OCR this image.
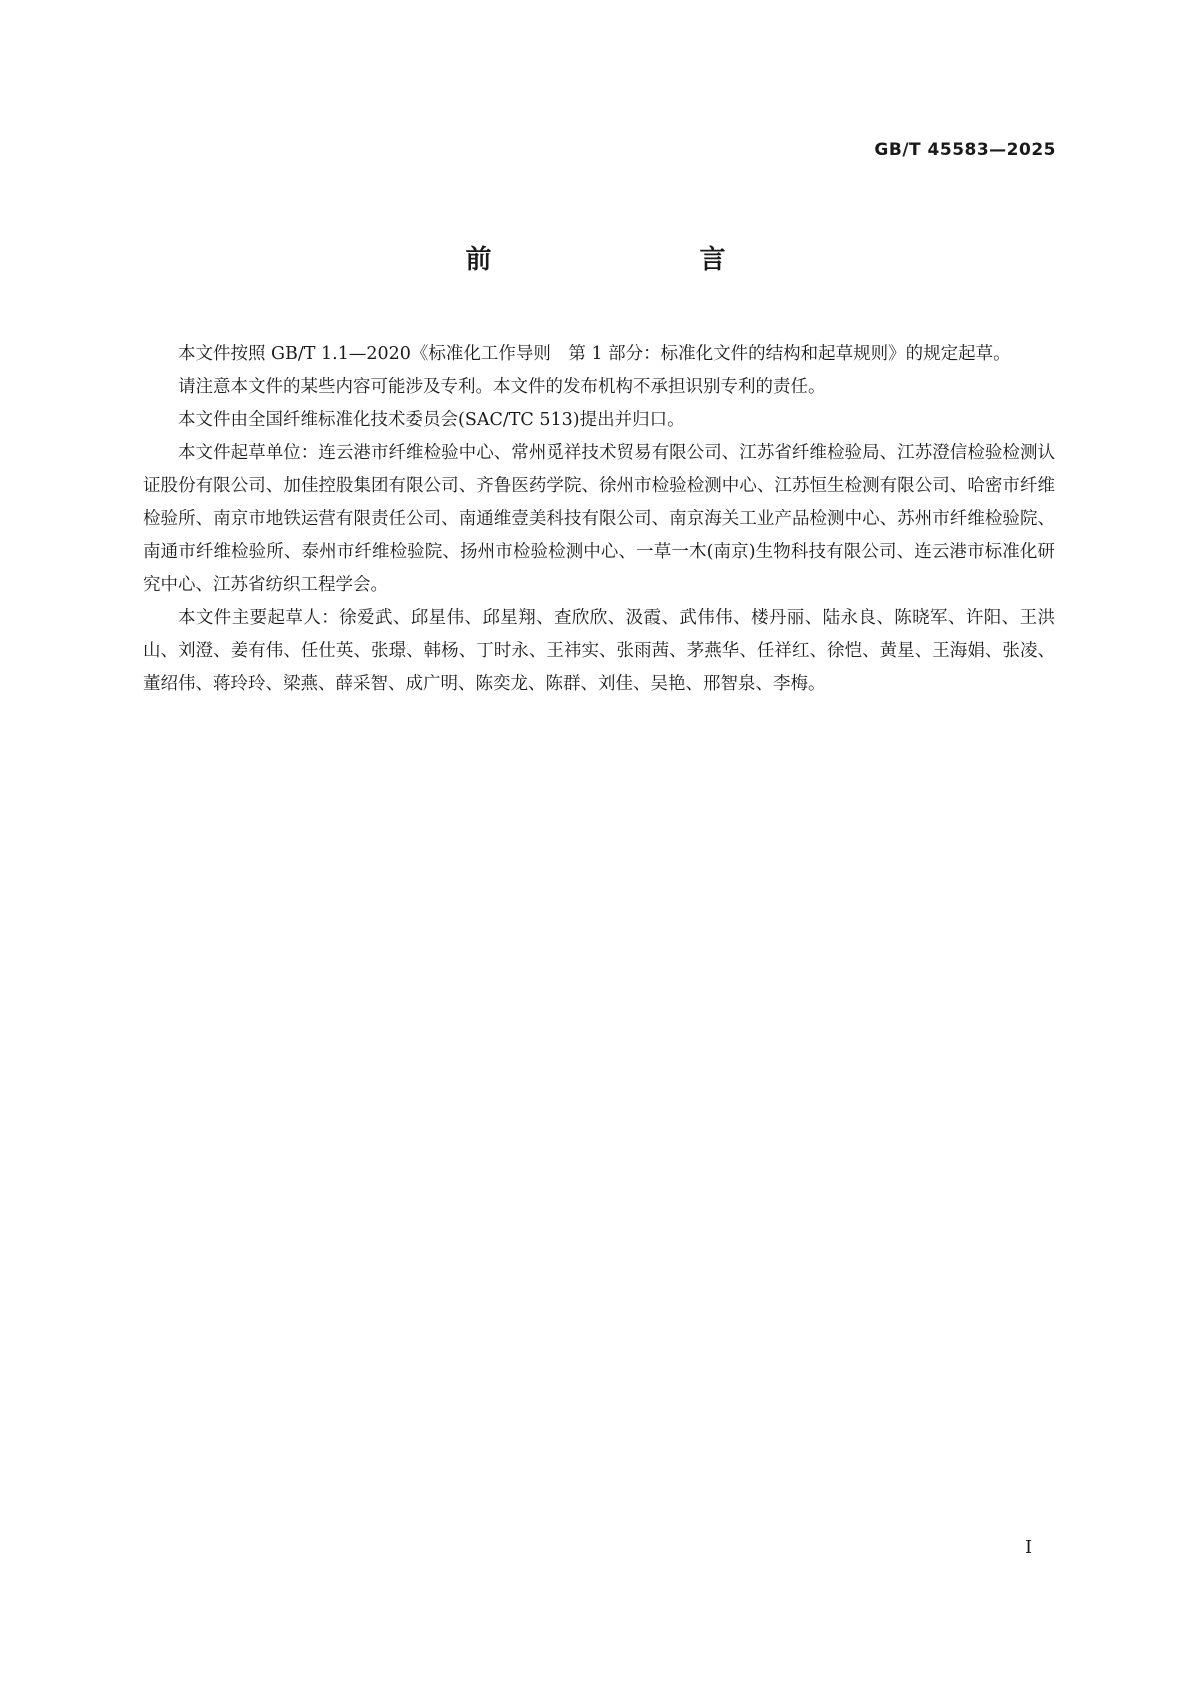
GB/T 45583—2025
前　　言

本文件按照 GB/T 1.1—2020《标准化工作导则　第 1 部分：标准化文件的结构和起草规则》的规定起草。

请注意本文件的某些内容可能涉及专利。本文件的发布机构不承担识别专利的责任。

本文件由全国纤维标准化技术委员会(SAC/TC 513)提出并归口。

本文件起草单位：连云港市纤维检验中心、常州觅祥技术贸易有限公司、江苏省纤维检验局、江苏澄信检验检测认证股份有限公司、加佳控股集团有限公司、齐鲁医药学院、徐州市检验检测中心、江苏恒生检测有限公司、哈密市纤维检验所、南京市地铁运营有限责任公司、南通维壹美科技有限公司、南京海关工业产品检测中心、苏州市纤维检验院、南通市纤维检验所、泰州市纤维检验院、扬州市检验检测中心、一草一木(南京)生物科技有限公司、连云港市标准化研究中心、江苏省纺织工程学会。

本文件主要起草人：徐爱武、邱星伟、邱星翔、查欣欣、汲霞、武伟伟、楼丹丽、陆永良、陈晓军、许阳、王洪山、刘澄、姜有伟、任仕英、张璟、韩杨、丁时永、王祎实、张雨茜、茅燕华、任祥红、徐恺、黄星、王海娟、张凌、董绍伟、蒋玲玲、梁燕、薛采智、成广明、陈奕龙、陈群、刘佳、吴艳、邢智泉、李梅。

I
